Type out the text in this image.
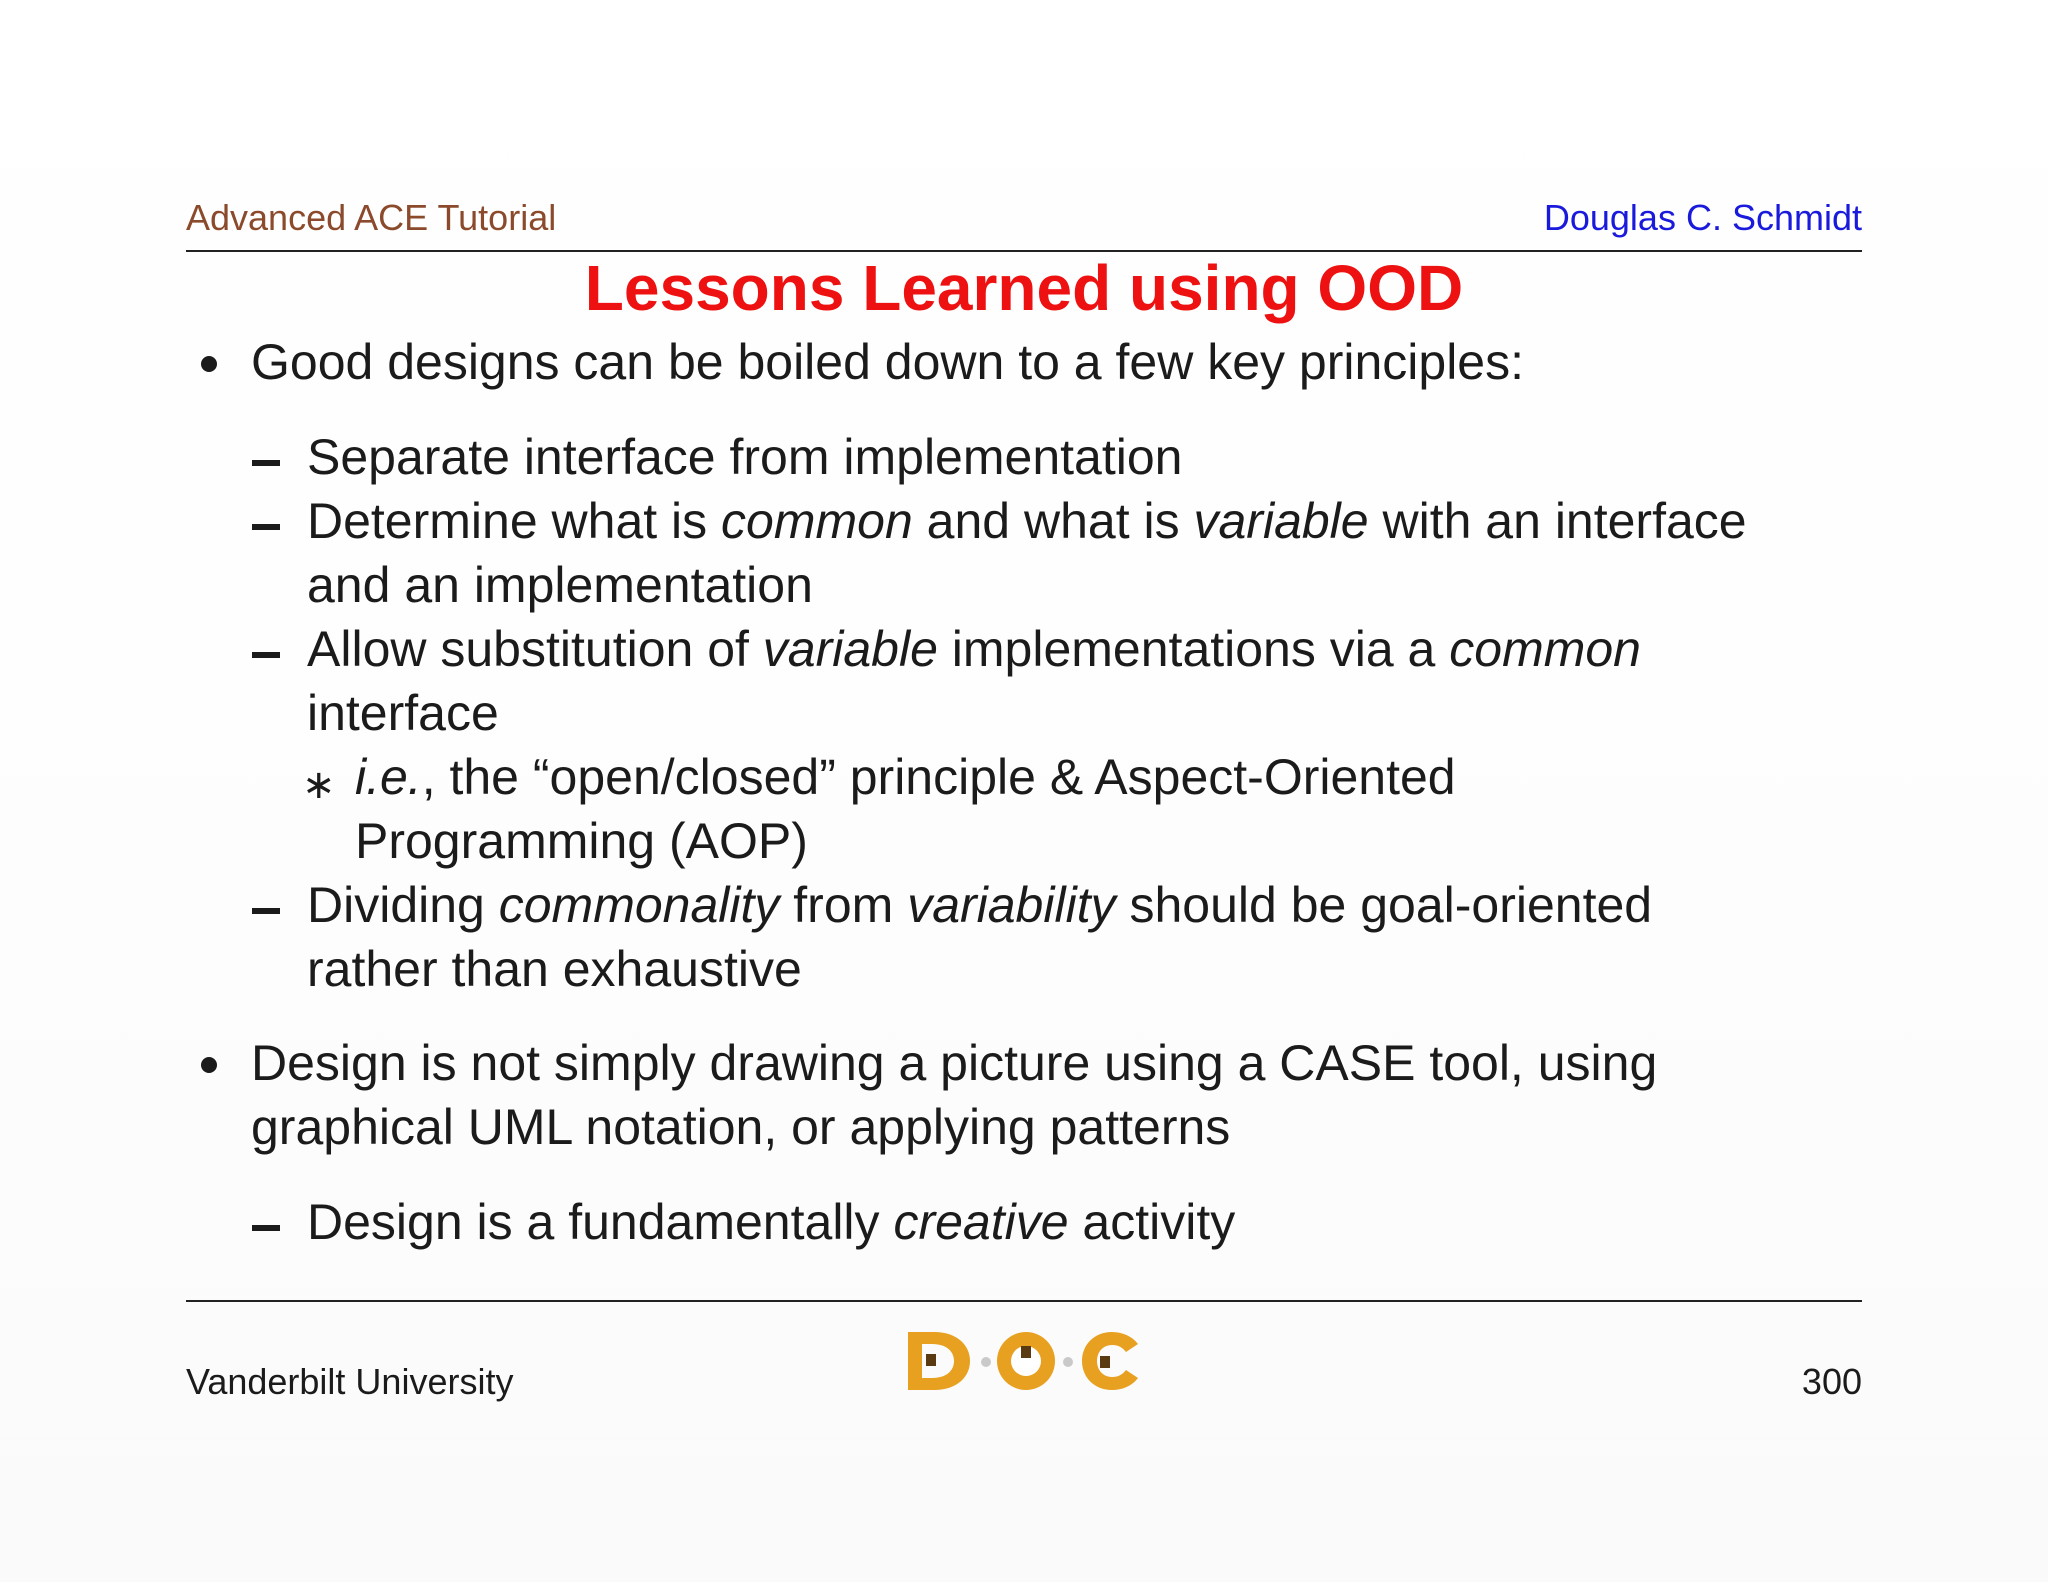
Advanced ACE Tutorial	Douglas C. Schmidt
Lessons Learned using OOD
Good designs can be boiled down to a few key principles:
Separate interface from implementation
Determine what is common and what is variable with an interface
and an implementation
Allow substitution of variable implementations via a common
interface
∗ i.e., the “open/closed” principle & Aspect-Oriented
Programming (AOP)
Dividing commonality from variability should be goal-oriented
rather than exhaustive
Design is not simply drawing a picture using a CASE tool, using
graphical UML notation, or applying patterns
Design is a fundamentally creative activity
Vanderbilt University	300
